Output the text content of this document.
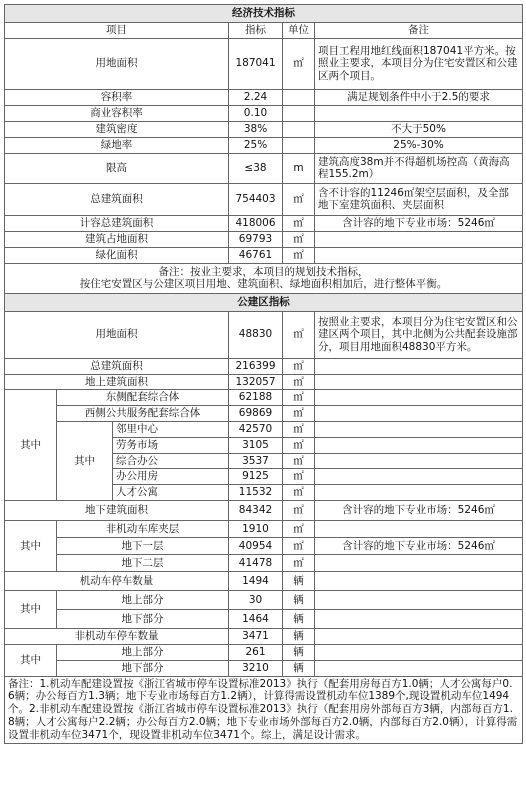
经济技术指标					
项目			指标	单位	备注
用地面积			187041	㎡	项目工程用地红线面积187041平方米。按照业主要求，本项目分为住宅安置区和公建区两个项目。
容积率			2.24		满足规划条件中小于2.5的要求
商业容积率			0.10		
建筑密度			38%		不大于50%
绿地率			25%		25%-30%
限高			≤38	m	建筑高度38m并不得超机场控高（黄海高程155.2m）
总建筑面积			754403	㎡	含不计容的11246㎡架空层面积，及全部地下室建筑面积、夹层面积
计容总建筑面积			418006	㎡	含计容的地下专业市场：5246㎡
建筑占地面积			69793	㎡	
绿化面积			46761	㎡	
备注：按业主要求，本项目的规划技术指标，
按住宅安置区与公建区项目用地、建筑面积、绿地面积相加后，进行整体平衡。					
公建区指标					
用地面积			48830	㎡	按照业主要求，本项目分为住宅安置区和公建区两个项目，其中北侧为公共配套设施部分，项目用地面积48830平方米。
总建筑面积			216399	㎡	
地上建筑面积			132057	㎡	
其中	东侧配套综合体		62188	㎡	
	西侧公共服务配套综合体		69869	㎡	
	其中	邻里中心	42570	㎡	
		劳务市场	3105	㎡	
		综合办公	3537	㎡	
		办公用房	9125	㎡	
		人才公寓	11532	㎡	
地下建筑面积			84342	㎡	含计容的地下专业市场：5246㎡
其中	非机动车库夹层		1910	㎡	
	地下一层		40954	㎡	含计容的地下专业市场：5246㎡
	地下二层		41478	㎡	
机动车停车数量			1494	辆	
其中	地上部分		30	辆	
	地下部分		1464	辆	
非机动车停车数量			3471	辆	
其中	地上部分		261	辆	
	地下部分		3210	辆	
备注：1.机动车配建设置按《浙江省城市停车设置标准2013》执行（配套用房每百方1.0辆；人才公寓每户0.6辆；办公每百方1.3辆；地下专业市场每百方1.2辆），计算得需设置机动车位1389个,现设置机动车位1494个。2.非机动车配建设置按《浙江省城市停车设置标准2013》执行（配套用房外部每百方3辆，内部每百方1.8辆；人才公寓每户2.2辆；办公每百方2.0辆；地下专业市场外部每百方2.0辆，内部每百方2.0辆），计算得需设置非机动车位3471个，现设置非机动车位3471个。综上，满足设计需求。					
